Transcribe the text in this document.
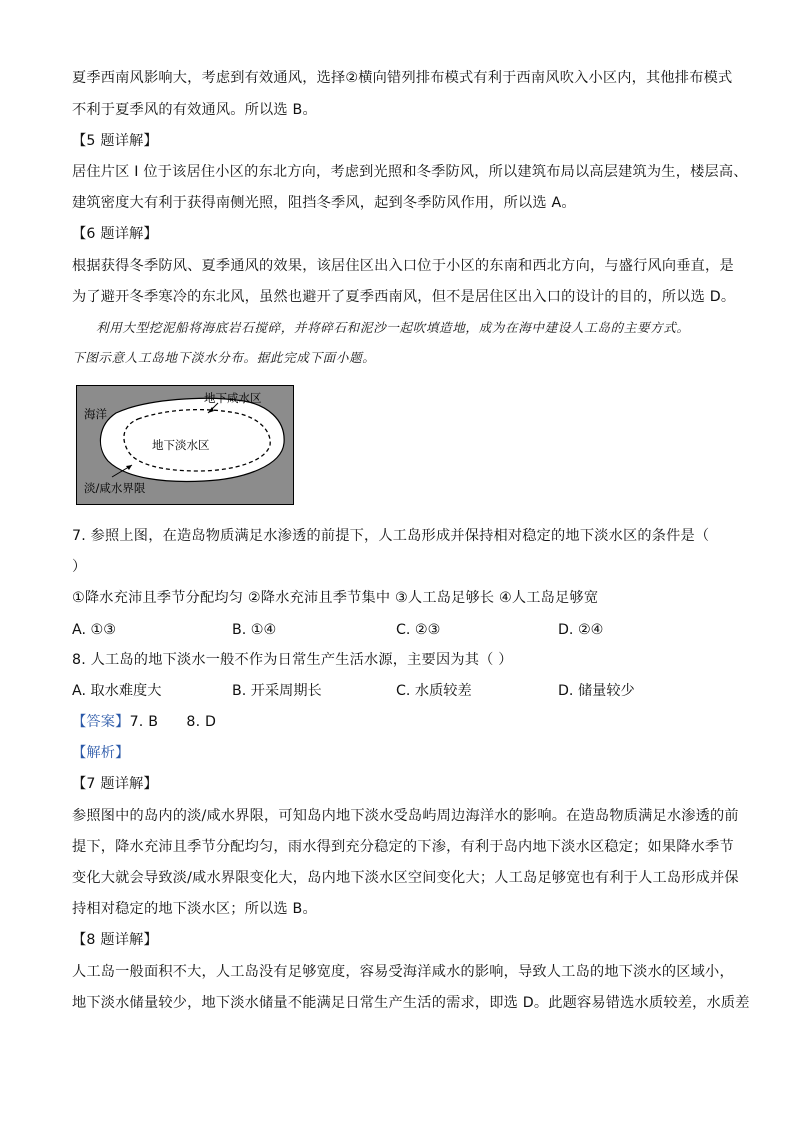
夏季西南风影响大，考虑到有效通风，选择②横向错列排布模式有利于西南风吹入小区内，其他排布模式
不利于夏季风的有效通风。所以选 B。
【5 题详解】
居住片区 I 位于该居住小区的东北方向，考虑到光照和冬季防风，所以建筑布局以高层建筑为生，楼层高、
建筑密度大有利于获得南侧光照，阻挡冬季风，起到冬季防风作用，所以选 A。
【6 题详解】
根据获得冬季防风、夏季通风的效果，该居住区出入口位于小区的东南和西北方向，与盛行风向垂直，是
为了避开冬季寒冷的东北风，虽然也避开了夏季西南风，但不是居住区出入口的设计的目的，所以选 D。
利用大型挖泥船将海底岩石搅碎，并将碎石和泥沙一起吹填造地，成为在海中建设人工岛的主要方式。
下图示意人工岛地下淡水分布。据此完成下面小题。
海洋
地下咸水区
地下淡水区
淡/咸水界限
7. 参照上图，在造岛物质满足水渗透的前提下，人工岛形成并保持相对稳定的地下淡水区的条件是（
）
①降水充沛且季节分配均匀 ②降水充沛且季节集中 ③人工岛足够长 ④人工岛足够宽
A. ①③	B. ①④	C. ②③	D. ②④
8. 人工岛的地下淡水一般不作为日常生产生活水源，主要因为其（ ）
A. 取水难度大	B. 开采周期长	C. 水质较差	D. 储量较少
【答案】7. B      8. D
【解析】
【7 题详解】
参照图中的岛内的淡/咸水界限，可知岛内地下淡水受岛屿周边海洋水的影响。在造岛物质满足水渗透的前
提下，降水充沛且季节分配均匀，雨水得到充分稳定的下渗，有利于岛内地下淡水区稳定；如果降水季节
变化大就会导致淡/咸水界限变化大，岛内地下淡水区空间变化大；人工岛足够宽也有利于人工岛形成并保
持相对稳定的地下淡水区；所以选 B。
【8 题详解】
人工岛一般面积不大，人工岛没有足够宽度，容易受海洋咸水的影响，导致人工岛的地下淡水的区域小，
地下淡水储量较少，地下淡水储量不能满足日常生产生活的需求，即选 D。此题容易错选水质较差，水质差
